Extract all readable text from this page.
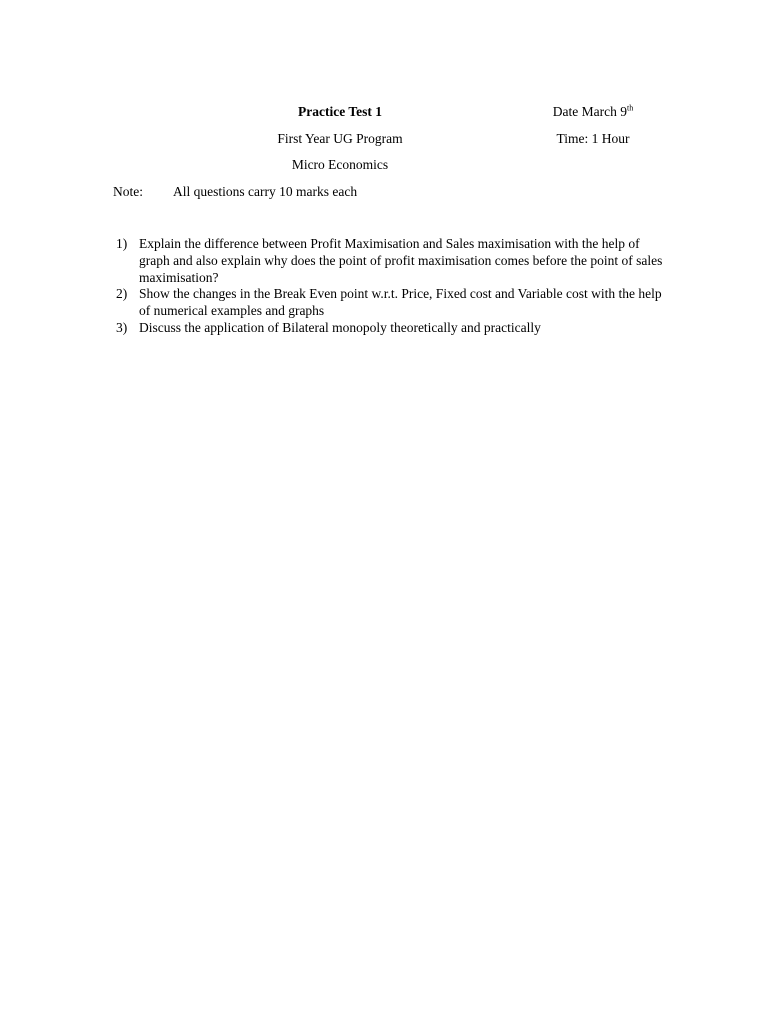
Practice Test 1	Date March 9th
First Year UG Program	Time: 1 Hour
Micro Economics
Note: All questions carry 10 marks each
1) Explain the difference between Profit Maximisation and Sales maximisation with the help of graph and also explain why does the point of profit maximisation comes before the point of sales maximisation?
2) Show the changes in the Break Even point w.r.t. Price, Fixed cost and Variable cost with the help of numerical examples and graphs
3) Discuss the application of Bilateral monopoly theoretically and practically
